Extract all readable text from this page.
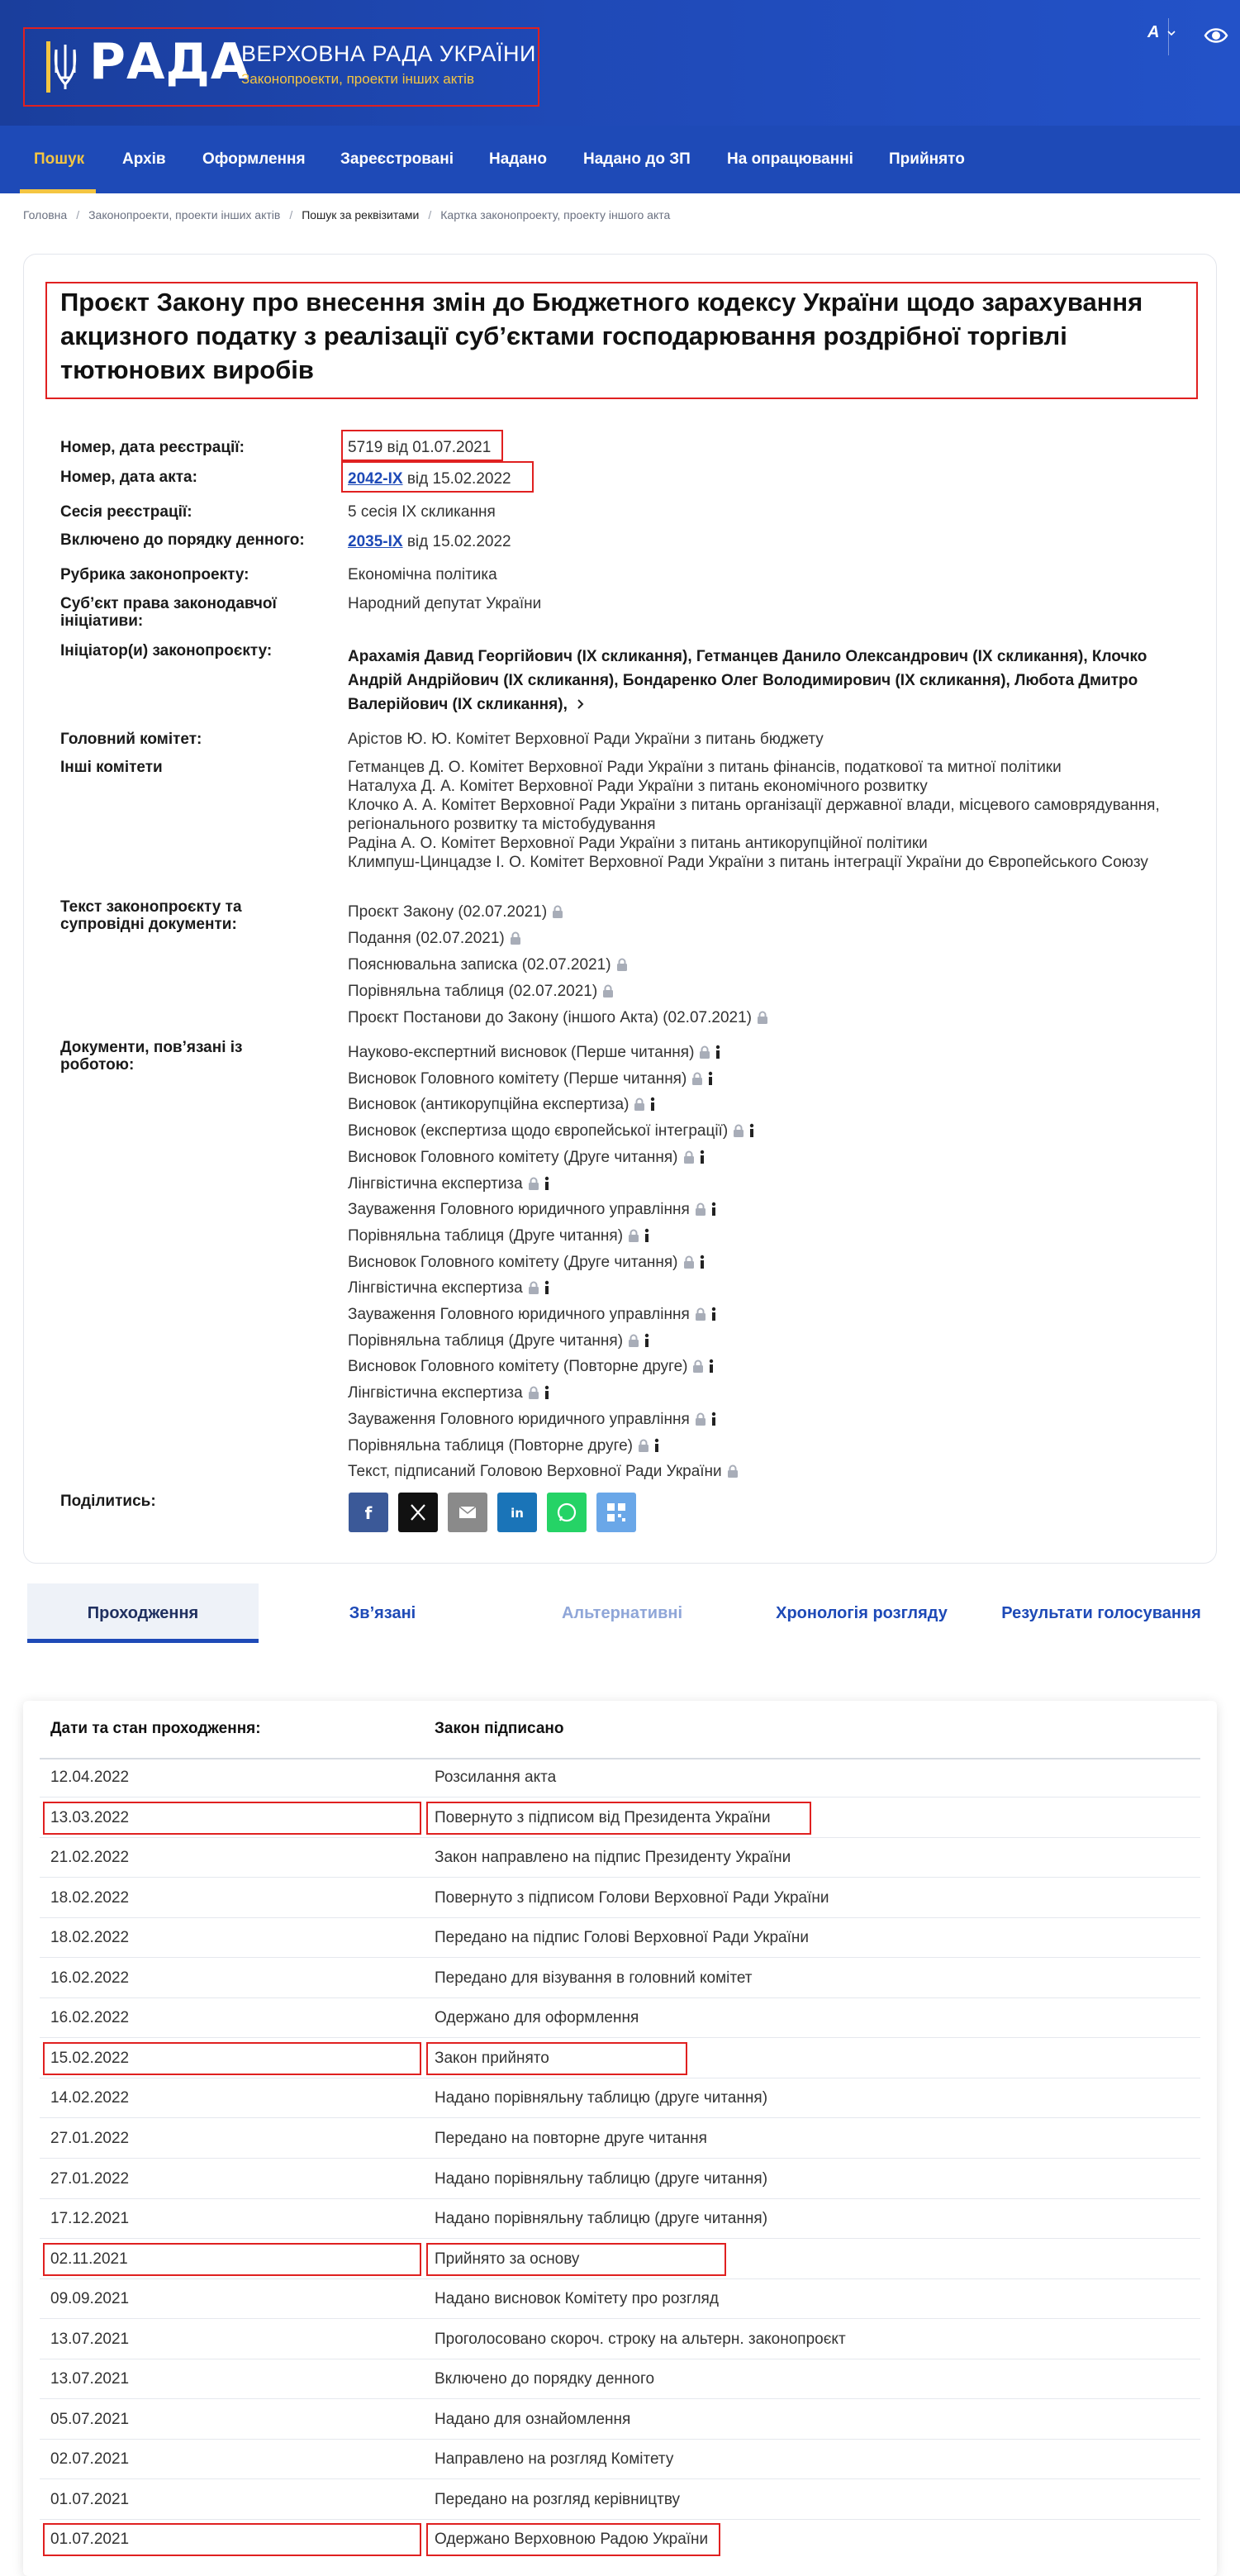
РАДА
ВЕРХОВНА РАДА УКРАЇНИ
Законопроекти, проекти інших актів
А
Пошук Архів Оформлення Зареєстровані Надано Надано до ЗП На опрацюванні Прийнято
Головна / Законопроекти, проекти інших актів / Пошук за реквізитами / Картка законопроекту, проекту іншого акта
Проєкт Закону про внесення змін до Бюджетного кодексу України щодо зарахування акцизного податку з реалізації суб’єктами господарювання роздрібної торгівлі тютюнових виробів
Номер, дата реєстрації:	5719 від 01.07.2021
Номер, дата акта:	2042-IX від 15.02.2022
Сесія реєстрації:	5 сесія IX скликання
Включено до порядку денного:	2035-IX від 15.02.2022
Рубрика законопроекту:	Економічна політика
Суб’єкт права законодавчої ініціативи:
Народний депутат України
Ініціатор(и) законопроєкту:	Арахамія Давид Георгійович (IX скликання), Гетманцев Данило Олександрович (IX скликання), Клочко Андрій Андрійович (IX скликання), Бондаренко Олег Володимирович (IX скликання), Любота Дмитро Валерійович (IX скликання),
Головний комітет:	Арістов Ю. Ю. Комітет Верховної Ради України з питань бюджету
Інші комітети	Гетманцев Д. О. Комітет Верховної Ради України з питань фінансів, податкової та митної політики
Наталуха Д. А. Комітет Верховної Ради України з питань економічного розвитку
Клочко А. А. Комітет Верховної Ради України з питань організації державної влади, місцевого самоврядування, регіонального розвитку та містобудування
Радіна А. О. Комітет Верховної Ради України з питань антикорупційної політики
Климпуш-Цинцадзе І. О. Комітет Верховної Ради України з питань інтеграції України до Європейського Союзу
Текст законопроєкту та супровідні документи:
Проєкт Закону (02.07.2021)
Подання (02.07.2021)
Пояснювальна записка (02.07.2021)
Порівняльна таблиця (02.07.2021)
Проєкт Постанови до Закону (іншого Акта) (02.07.2021)
Документи, пов’язані із роботою:
Науково-експертний висновок (Перше читання)
Висновок Головного комітету (Перше читання)
Висновок (антикорупційна експертиза)
Висновок (експертиза щодо європейської інтеграції)
Висновок Головного комітету (Друге читання)
Лінгвістична експертиза
Зауваження Головного юридичного управління
Порівняльна таблиця (Друге читання)
Висновок Головного комітету (Друге читання)
Лінгвістична експертиза
Зауваження Головного юридичного управління
Порівняльна таблиця (Друге читання)
Висновок Головного комітету (Повторне друге)
Лінгвістична експертиза
Зауваження Головного юридичного управління
Порівняльна таблиця (Повторне друге)
Текст, підписаний Головою Верховної Ради України
Поділитись:
f	in
Проходження	Зв’язані	Альтернативні	Хронологія розгляду	Результати голосування
Дати та стан проходження:	Закон підписано
12.04.2022	Розсилання акта
13.03.2022	Повернуто з підписом від Президента України
21.02.2022	Закон направлено на підпис Президенту України
18.02.2022	Повернуто з підписом Голови Верховної Ради України
18.02.2022	Передано на підпис Голові Верховної Ради України
16.02.2022	Передано для візування в головний комітет
16.02.2022	Одержано для оформлення
15.02.2022	Закон прийнято
14.02.2022	Надано порівняльну таблицю (друге читання)
27.01.2022	Передано на повторне друге читання
27.01.2022	Надано порівняльну таблицю (друге читання)
17.12.2021	Надано порівняльну таблицю (друге читання)
02.11.2021	Прийнято за основу
09.09.2021	Надано висновок Комітету про розгляд
13.07.2021	Проголосовано скороч. строку на альтерн. законопроєкт
13.07.2021	Включено до порядку денного
05.07.2021	Надано для ознайомлення
02.07.2021	Направлено на розгляд Комітету
01.07.2021	Передано на розгляд керівництву
01.07.2021	Одержано Верховною Радою України
